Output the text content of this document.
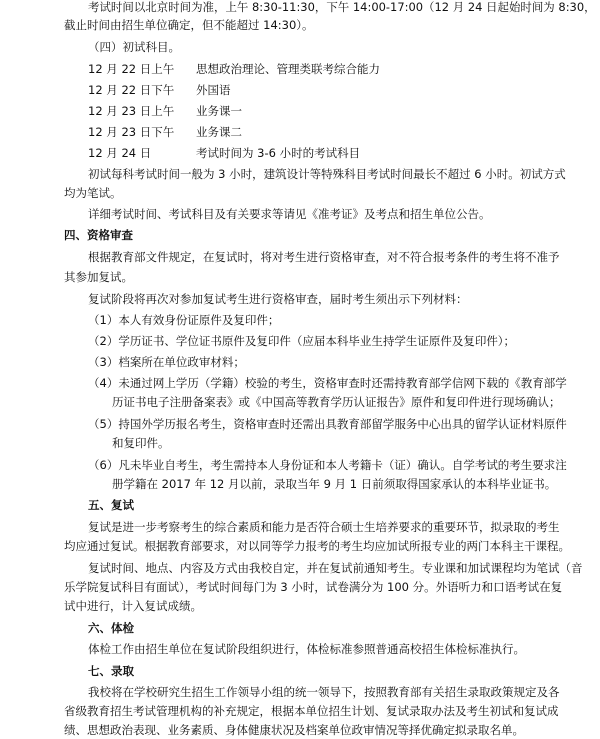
考试时间以北京时间为准，上午 8:30-11:30，下午 14:00-17:00（12 月 24 日起始时间为 8:30，
截止时间由招生单位确定，但不能超过 14:30）。
（四）初试科目。
12 月 22 日上午 思想政治理论、管理类联考综合能力
12 月 22 日下午 外国语
12 月 23 日上午 业务课一
12 月 23 日下午 业务课二
12 月 24 日	考试时间为 3-6 小时的考试科目
初试每科考试时间一般为 3 小时，建筑设计等特殊科目考试时间最长不超过 6 小时。初试方式
均为笔试。
详细考试时间、考试科目及有关要求等请见《准考证》及考点和招生单位公告。
四、资格审查
根据教育部文件规定，在复试时，将对考生进行资格审查，对不符合报考条件的考生将不准予
其参加复试。
复试阶段将再次对参加复试考生进行资格审查，届时考生须出示下列材料：
（1）本人有效身份证原件及复印件；
（2）学历证书、学位证书原件及复印件（应届本科毕业生持学生证原件及复印件）；
（3）档案所在单位政审材料；
（4）未通过网上学历（学籍）校验的考生，资格审查时还需持教育部学信网下载的《教育部学
历证书电子注册备案表》或《中国高等教育学历认证报告》原件和复印件进行现场确认；
（5）持国外学历报名考生，资格审查时还需出具教育部留学服务中心出具的留学认证材料原件
和复印件。
（6）凡未毕业自考生，考生需持本人身份证和本人考籍卡（证）确认。自学考试的考生要求注
册学籍在 2017 年 12 月以前，录取当年 9 月 1 日前须取得国家承认的本科毕业证书。
五、复试
复试是进一步考察考生的综合素质和能力是否符合硕士生培养要求的重要环节，拟录取的考生
均应通过复试。根据教育部要求，对以同等学力报考的考生均应加试所报专业的两门本科主干课程。
复试时间、地点、内容及方式由我校自定，并在复试前通知考生。专业课和加试课程均为笔试（音
乐学院复试科目有面试），考试时间每门为 3 小时，试卷满分为 100 分。外语听力和口语考试在复
试中进行，计入复试成绩。
六、体检
体检工作由招生单位在复试阶段组织进行，体检标准参照普通高校招生体检标准执行。
七、录取
我校将在学校研究生招生工作领导小组的统一领导下，按照教育部有关招生录取政策规定及各
省级教育招生考试管理机构的补充规定，根据本单位招生计划、复试录取办法及考生初试和复试成
绩、思想政治表现、业务素质、身体健康状况及档案单位政审情况等择优确定拟录取名单。
